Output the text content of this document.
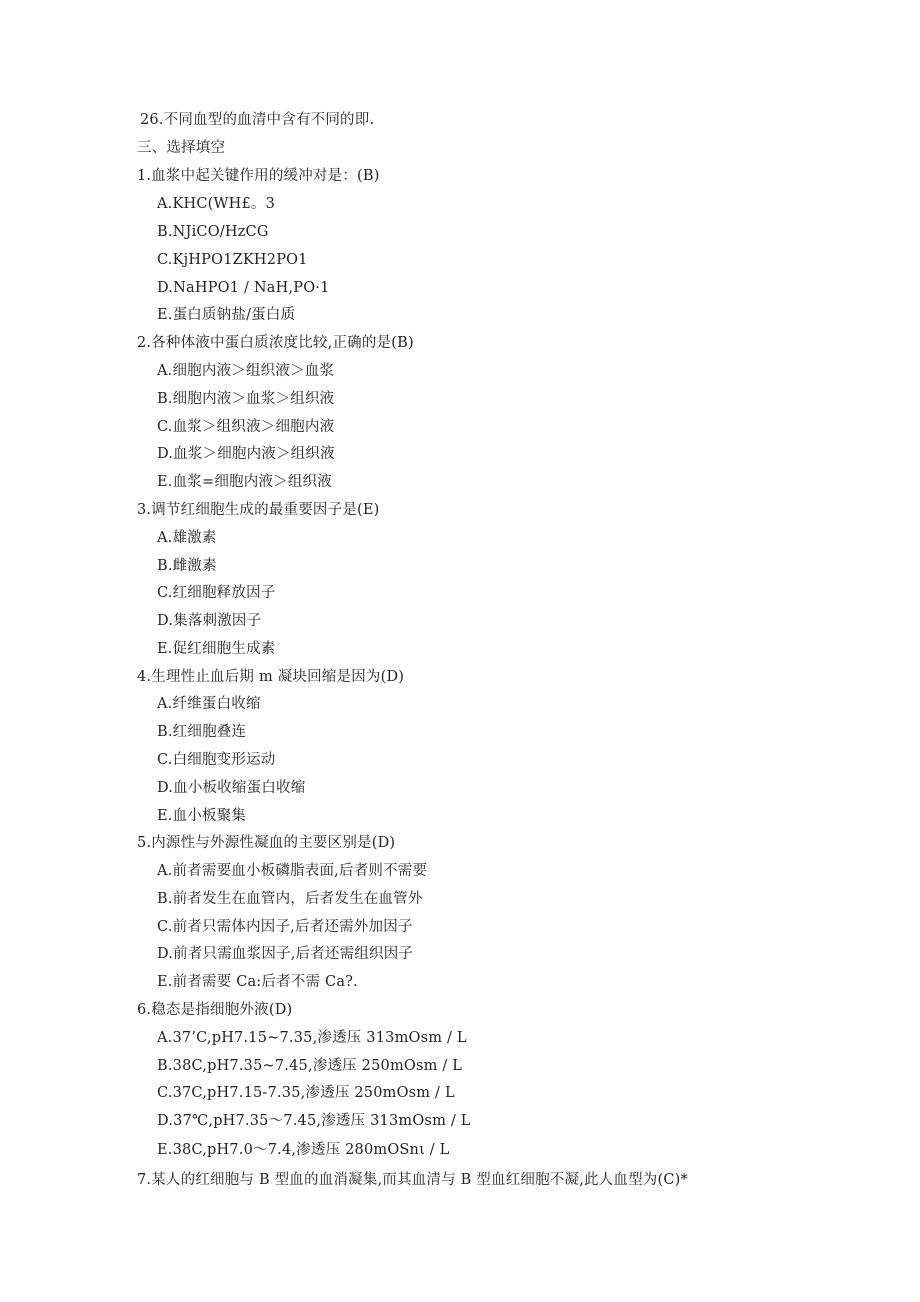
26.不同血型的血清中含有不同的即.
三、选择填空
1.血浆中起关键作用的缓冲对是：(B)
A.KHC(WH£。3
B.NJiCO/HzCG
C.KjHPO1ZKH2PO1
D.NaHPO1 / NaH,PO·1
E.蛋白质钠盐/蛋白质
2.各种体液中蛋白质浓度比较,正确的是(B)
A.细胞内液＞组织液＞血浆
B.细胞内液＞血浆＞组织液
C.血浆＞组织液＞细胞内液
D.血浆＞细胞内液＞组织液
E.血浆=细胞内液＞组织液
3.调节红细胞生成的最重要因子是(E)
A.雄激素
B.雌激素
C.红细胞释放因子
D.集落刺激因子
E.促红细胞生成素
4.生理性止血后期 m 凝块回缩是因为(D)
A.纤维蛋白收缩
B.红细胞叠连
C.白细胞变形运动
D.血小板收缩蛋白收缩
E.血小板聚集
5.内源性与外源性凝血的主要区别是(D)
A.前者需要血小板磷脂表面,后者则不需要
B.前者发生在血管内，后者发生在血管外
C.前者只需体内因子,后者还需外加因子
D.前者只需血浆因子,后者还需组织因子
E.前者需要 Ca:后者不需 Ca?.
6.稳态是指细胞外液(D)
A.37’C,pH7.15~7.35,渗透压 313mOsm / L
B.38C,pH7.35~7.45,渗透压 250mOsm / L
C.37C,pH7.15-7.35,渗透压 250mOsm / L
D.37℃,pH7.35～7.45,渗透压 313mOsm / L
E.38C,pH7.0～7.4,渗透压 280mOSnι / L
7.某人的红细胞与 B 型血的血消凝集,而其血清与 B 型血红细胞不凝,此人血型为(C)*
